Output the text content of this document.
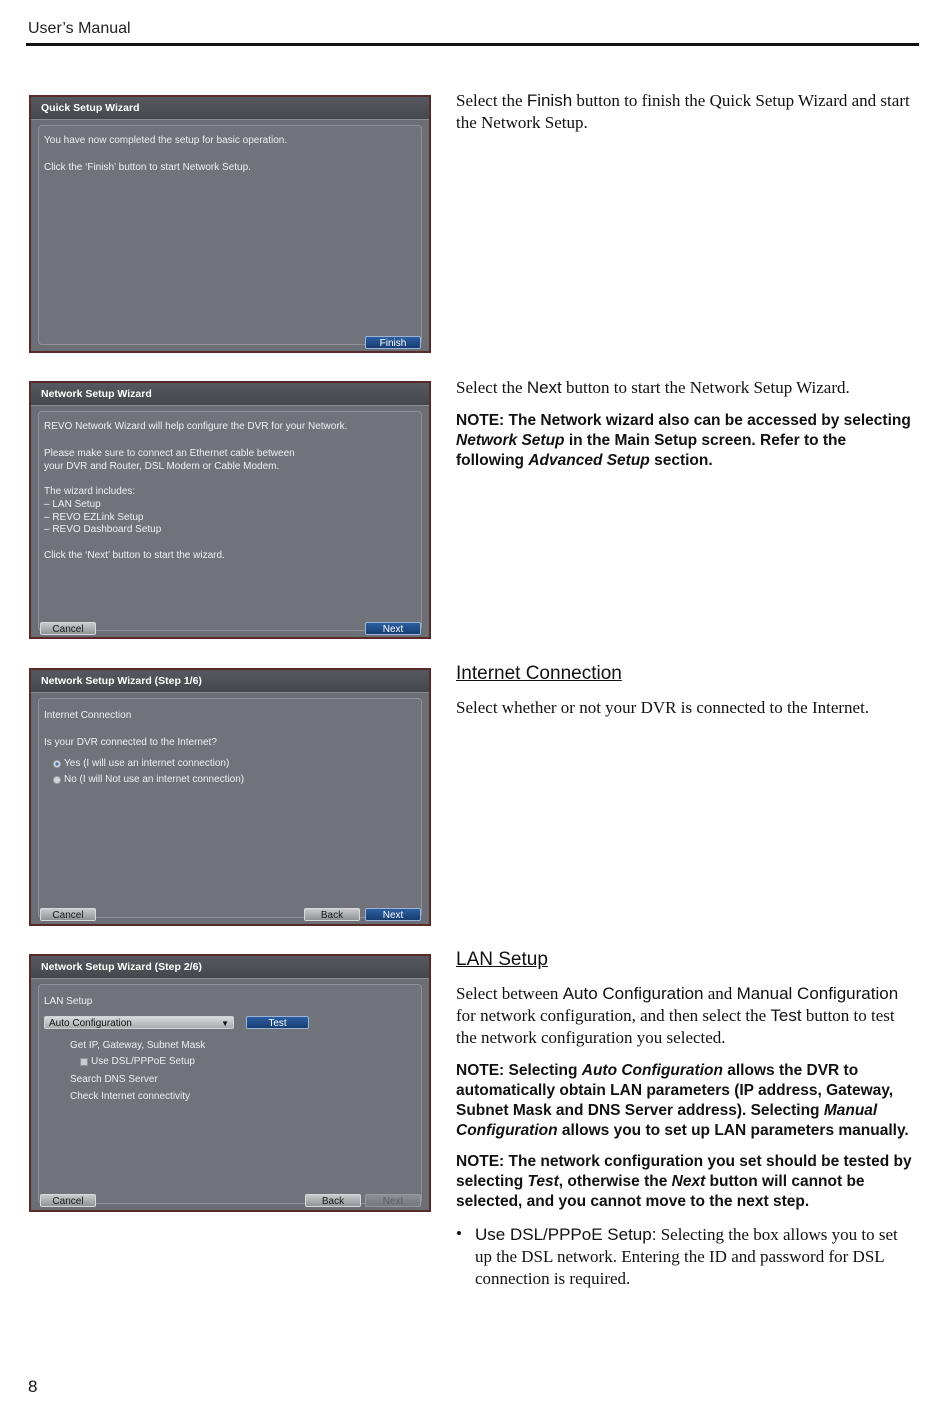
User’s Manual
Quick Setup Wizard
You have now completed the setup for basic operation.
Click the ‘Finish’ button to start Network Setup.
Finish
Network Setup Wizard
REVO Network Wizard will help configure the DVR for your Network.
Please make sure to connect an Ethernet cable between
your DVR and Router, DSL Modem or Cable Modem.
The wizard includes:
– LAN Setup
– REVO EZLink Setup
– REVO Dashboard Setup
Click the ‘Next’ button to start the wizard.
Cancel	Next
Network Setup Wizard (Step 1/6)
Internet Connection
Is your DVR connected to the Internet?
Yes (I will use an internet connection)
No (I will Not use an internet connection)
Cancel	Back	Next
Network Setup Wizard (Step 2/6)
LAN Setup
Auto Configuration	▼	Test
Get IP, Gateway, Subnet Mask
Use DSL/PPPoE Setup
Search DNS Server
Check Internet connectivity
Cancel	Back	Next
Select the Finish button to finish the Quick Setup Wizard and start the Network Setup.
Select the Next button to start the Network Setup Wizard.
NOTE: The Network wizard also can be accessed by selecting Network Setup in the Main Setup screen. Refer to the following Advanced Setup section.
Internet Connection
Select whether or not your DVR is connected to the Internet.
LAN Setup
Select between Auto Configuration and Manual Configuration for network configuration, and then select the Test button to test the network configuration you selected.
NOTE: Selecting Auto Configuration allows the DVR to automatically obtain LAN parameters (IP address, Gateway, Subnet Mask and DNS Server address). Selecting Manual Configuration allows you to set up LAN parameters manually.
NOTE: The network configuration you set should be tested by selecting Test, otherwise the Next button will cannot be selected, and you cannot move to the next step.
• Use DSL/PPPoE Setup: Selecting the box allows you to set up the DSL network. Entering the ID and password for DSL connection is required.
8
